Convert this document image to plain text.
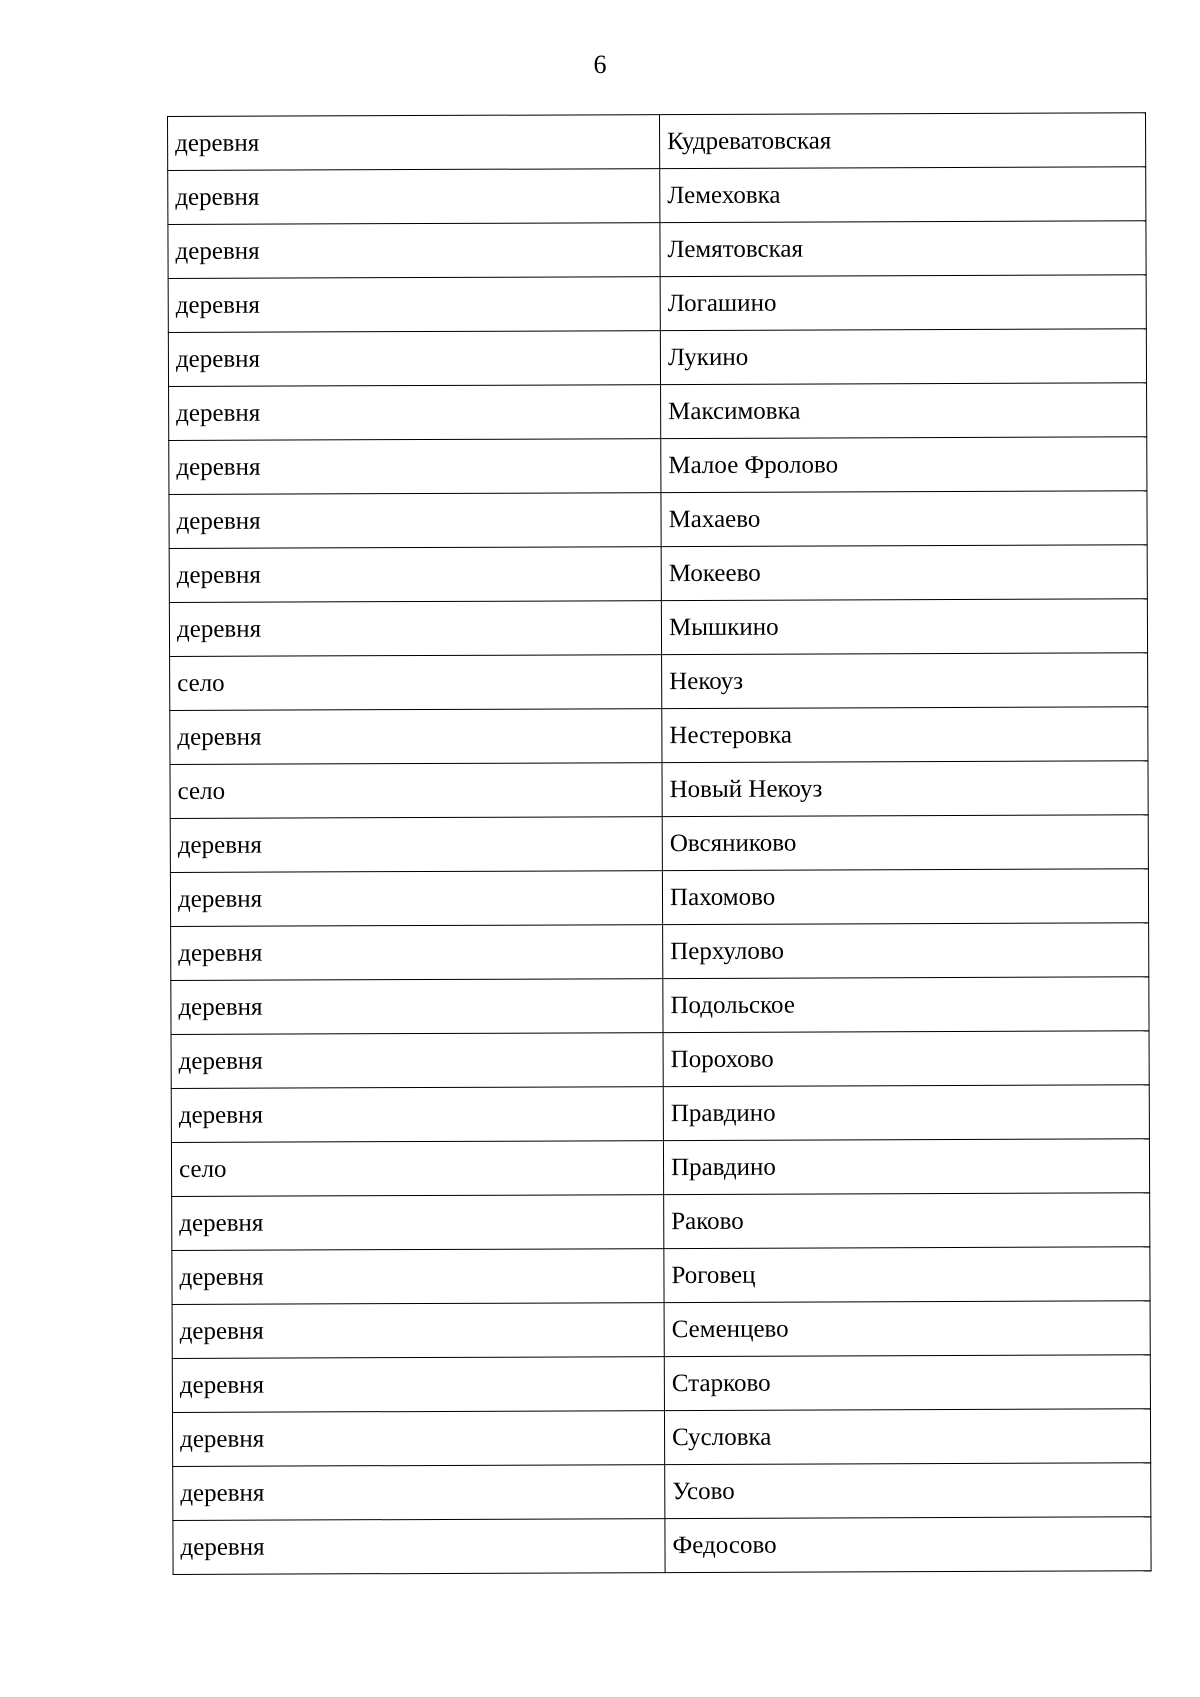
6
деревня	Кудреватовская
деревня	Лемеховка
деревня	Лемятовская
деревня	Логашино
деревня	Лукино
деревня	Максимовка
деревня	Малое Фролово
деревня	Махаево
деревня	Мокеево
деревня	Мышкино
село	Некоуз
деревня	Нестеровка
село	Новый Некоуз
деревня	Овсяниково
деревня	Пахомово
деревня	Перхулово
деревня	Подольское
деревня	Порохово
деревня	Правдино
село	Правдино
деревня	Раково
деревня	Роговец
деревня	Семенцево
деревня	Старково
деревня	Сусловка
деревня	Усово
деревня	Федосово
